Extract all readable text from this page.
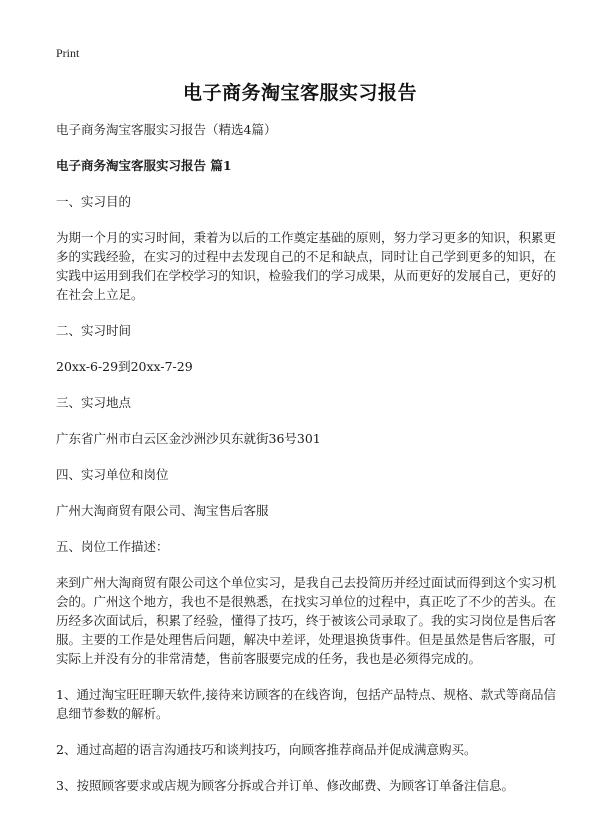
Print
电子商务淘宝客服实习报告

电子商务淘宝客服实习报告（精选4篇）

电子商务淘宝客服实习报告 篇1

一、实习目的

为期一个月的实习时间，秉着为以后的工作奠定基础的原则，努力学习更多的知识，积累更多的实践经验，在实习的过程中去发现自己的不足和缺点，同时让自己学到更多的知识，在实践中运用到我们在学校学习的知识，检验我们的学习成果，从而更好的发展自己，更好的在社会上立足。

二、实习时间

20xx-6-29到20xx-7-29

三、实习地点

广东省广州市白云区金沙洲沙贝东就街36号301

四、实习单位和岗位

广州大淘商贸有限公司、淘宝售后客服

五、岗位工作描述：

来到广州大淘商贸有限公司这个单位实习，是我自己去投简历并经过面试而得到这个实习机会的。广州这个地方，我也不是很熟悉，在找实习单位的过程中，真正吃了不少的苦头。在历经多次面试后，积累了经验，懂得了技巧，终于被该公司录取了。我的实习岗位是售后客服。主要的工作是处理售后问题，解决中差评，处理退换货事件。但是虽然是售后客服，可实际上并没有分的非常清楚，售前客服要完成的任务，我也是必须得完成的。

1、通过淘宝旺旺聊天软件,接待来访顾客的在线咨询，包括产品特点、规格、款式等商品信息细节参数的解析。

2、通过高超的语言沟通技巧和谈判技巧，向顾客推荐商品并促成满意购买。

3、按照顾客要求或店规为顾客分拆或合并订单、修改邮费、为顾客订单备注信息。
